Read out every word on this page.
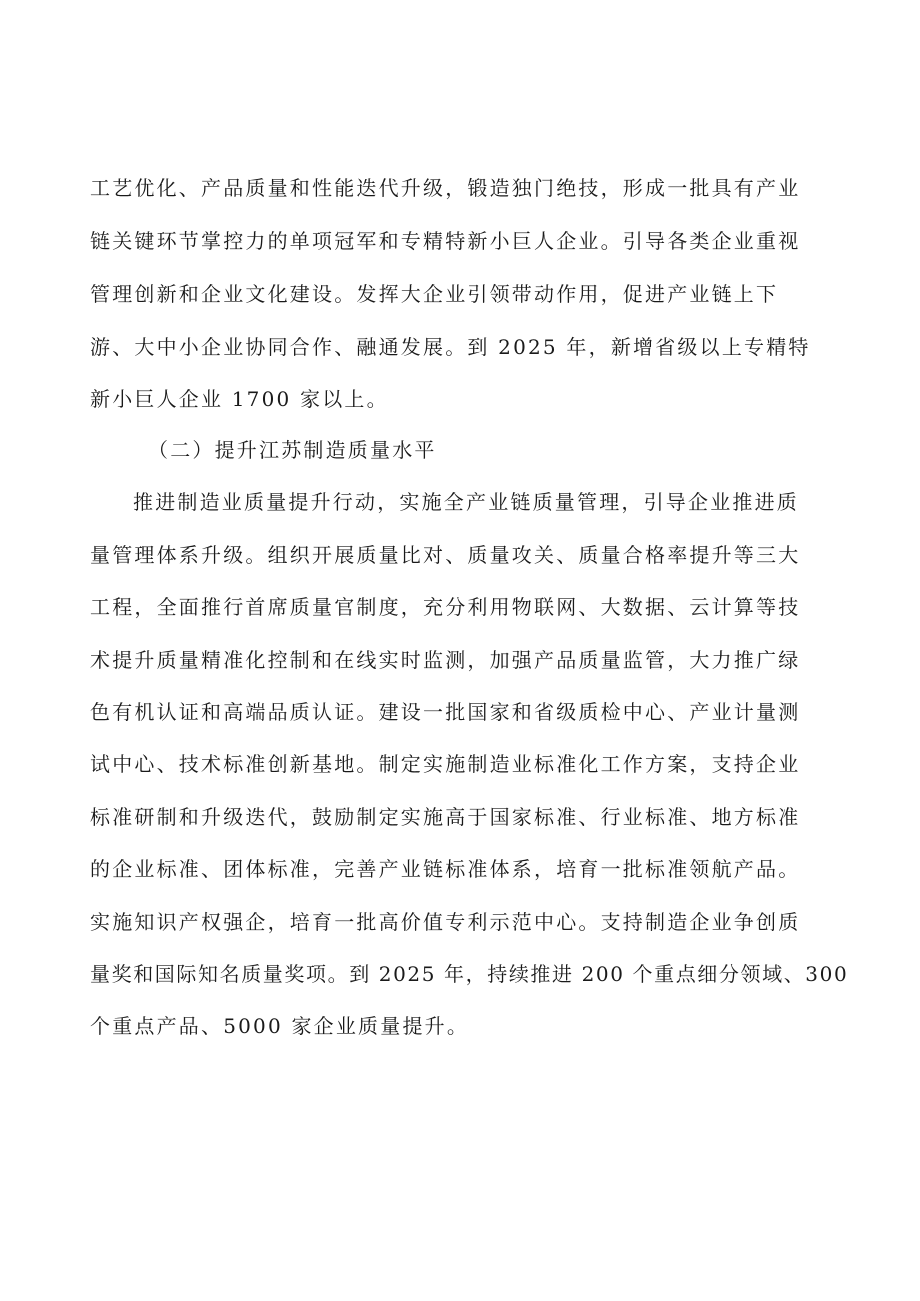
工艺优化、产品质量和性能迭代升级，锻造独门绝技，形成一批具有产业
链关键环节掌控力的单项冠军和专精特新小巨人企业。引导各类企业重视
管理创新和企业文化建设。发挥大企业引领带动作用，促进产业链上下
游、大中小企业协同合作、融通发展。到 2025 年，新增省级以上专精特
新小巨人企业 1700 家以上。
（二）提升江苏制造质量水平
推进制造业质量提升行动，实施全产业链质量管理，引导企业推进质
量管理体系升级。组织开展质量比对、质量攻关、质量合格率提升等三大
工程，全面推行首席质量官制度，充分利用物联网、大数据、云计算等技
术提升质量精准化控制和在线实时监测，加强产品质量监管，大力推广绿
色有机认证和高端品质认证。建设一批国家和省级质检中心、产业计量测
试中心、技术标准创新基地。制定实施制造业标准化工作方案，支持企业
标准研制和升级迭代，鼓励制定实施高于国家标准、行业标准、地方标准
的企业标准、团体标准，完善产业链标准体系，培育一批标准领航产品。
实施知识产权强企，培育一批高价值专利示范中心。支持制造企业争创质
量奖和国际知名质量奖项。到 2025 年，持续推进 200 个重点细分领域、300
个重点产品、5000 家企业质量提升。
